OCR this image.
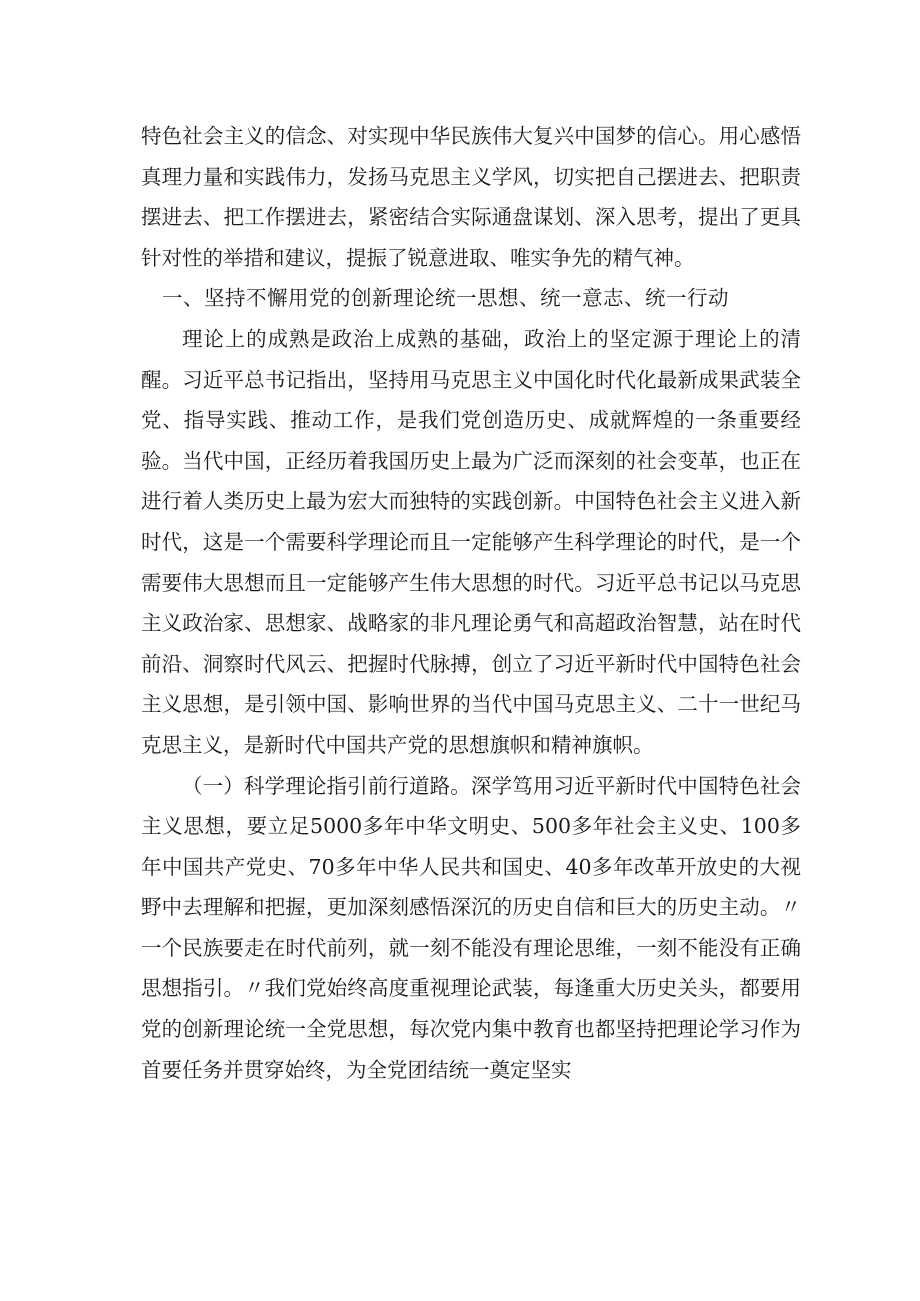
特色社会主义的信念、对实现中华民族伟大复兴中国梦的信心。用心感悟真理力量和实践伟力，发扬马克思主义学风，切实把自己摆进去、把职责摆进去、把工作摆进去，紧密结合实际通盘谋划、深入思考，提出了更具针对性的举措和建议，提振了锐意进取、唯实争先的精气神。

一、坚持不懈用党的创新理论统一思想、统一意志、统一行动

理论上的成熟是政治上成熟的基础，政治上的坚定源于理论上的清醒。习近平总书记指出，坚持用马克思主义中国化时代化最新成果武装全党、指导实践、推动工作，是我们党创造历史、成就辉煌的一条重要经验。当代中国，正经历着我国历史上最为广泛而深刻的社会变革，也正在进行着人类历史上最为宏大而独特的实践创新。中国特色社会主义进入新时代，这是一个需要科学理论而且一定能够产生科学理论的时代，是一个需要伟大思想而且一定能够产生伟大思想的时代。习近平总书记以马克思主义政治家、思想家、战略家的非凡理论勇气和高超政治智慧，站在时代前沿、洞察时代风云、把握时代脉搏，创立了习近平新时代中国特色社会主义思想，是引领中国、影响世界的当代中国马克思主义、二十一世纪马克思主义，是新时代中国共产党的思想旗帜和精神旗帜。

（一）科学理论指引前行道路。深学笃用习近平新时代中国特色社会主义思想，要立足5000多年中华文明史、500多年社会主义史、100多年中国共产党史、70多年中华人民共和国史、40多年改革开放史的大视野中去理解和把握，更加深刻感悟深沉的历史自信和巨大的历史主动。〃一个民族要走在时代前列，就一刻不能没有理论思维，一刻不能没有正确思想指引。〃我们党始终高度重视理论武装，每逢重大历史关头，都要用党的创新理论统一全党思想，每次党内集中教育也都坚持把理论学习作为首要任务并贯穿始终，为全党团结统一奠定坚实
